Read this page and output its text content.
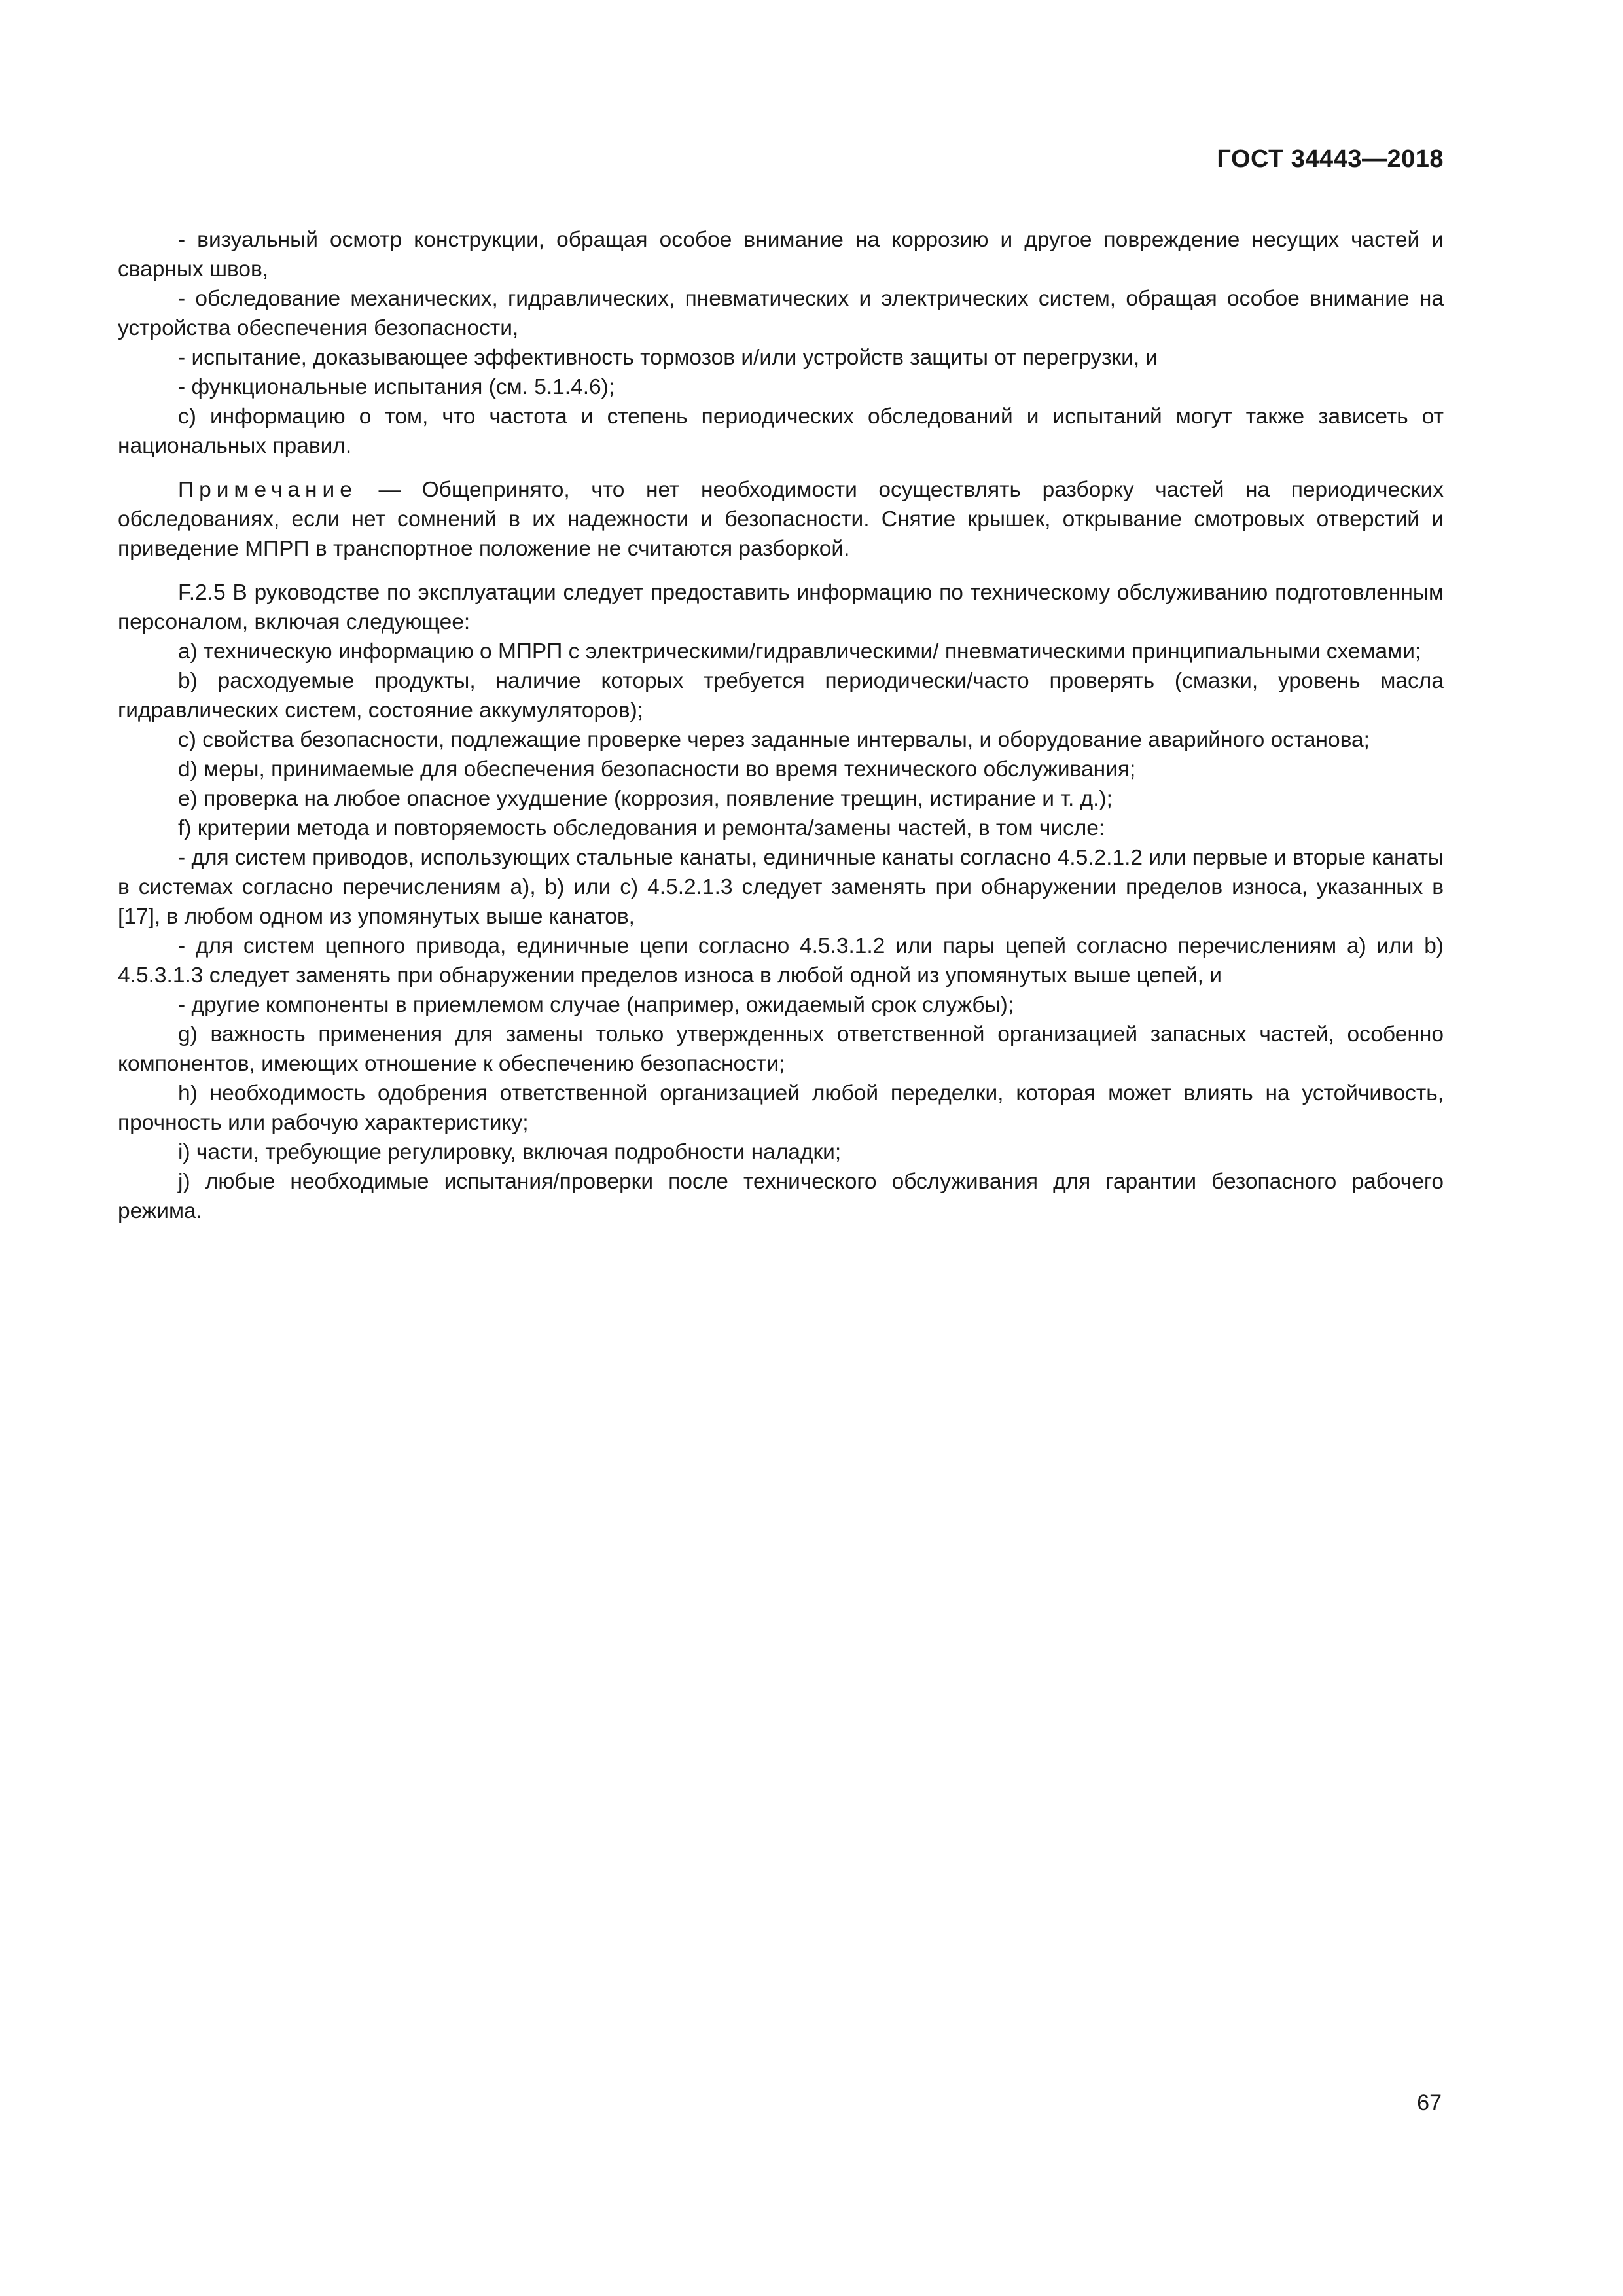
ГОСТ 34443—2018

- визуальный осмотр конструкции, обращая особое внимание на коррозию и другое повреждение несущих частей и сварных швов,

- обследование механических, гидравлических, пневматических и электрических систем, обращая особое внимание на устройства обеспечения безопасности,

- испытание, доказывающее эффективность тормозов и/или устройств защиты от перегрузки, и

- функциональные испытания (см. 5.1.4.6);

c) информацию о том, что частота и степень периодических обследований и испытаний могут также зависеть от национальных правил.

Примечание — Общепринято, что нет необходимости осуществлять разборку частей на периодических обследованиях, если нет сомнений в их надежности и безопасности. Снятие крышек, открывание смотровых отверстий и приведение МПРП в транспортное положение не считаются разборкой.

F.2.5 В руководстве по эксплуатации следует предоставить информацию по техническому обслуживанию подготовленным персоналом, включая следующее:

a) техническую информацию о МПРП с электрическими/гидравлическими/ пневматическими принципиальными схемами;

b) расходуемые продукты, наличие которых требуется периодически/часто проверять (смазки, уровень масла гидравлических систем, состояние аккумуляторов);

c) свойства безопасности, подлежащие проверке через заданные интервалы, и оборудование аварийного останова;

d) меры, принимаемые для обеспечения безопасности во время технического обслуживания;

e) проверка на любое опасное ухудшение (коррозия, появление трещин, истирание и т. д.);

f) критерии метода и повторяемость обследования и ремонта/замены частей, в том числе:

- для систем приводов, использующих стальные канаты, единичные канаты согласно 4.5.2.1.2 или первые и вторые канаты в системах согласно перечислениям а), b) или c) 4.5.2.1.3 следует заменять при обнаружении пределов износа, указанных в [17], в любом одном из упомянутых выше канатов,

- для систем цепного привода, единичные цепи согласно 4.5.3.1.2 или пары цепей согласно перечислениям а) или b) 4.5.3.1.3 следует заменять при обнаружении пределов износа в любой одной из упомянутых выше цепей, и

- другие компоненты в приемлемом случае (например, ожидаемый срок службы);

g) важность применения для замены только утвержденных ответственной организацией запасных частей, особенно компонентов, имеющих отношение к обеспечению безопасности;

h) необходимость одобрения ответственной организацией любой переделки, которая может влиять на устойчивость, прочность или рабочую характеристику;

i) части, требующие регулировку, включая подробности наладки;

j) любые необходимые испытания/проверки после технического обслуживания для гарантии безопасного рабочего режима.

67
